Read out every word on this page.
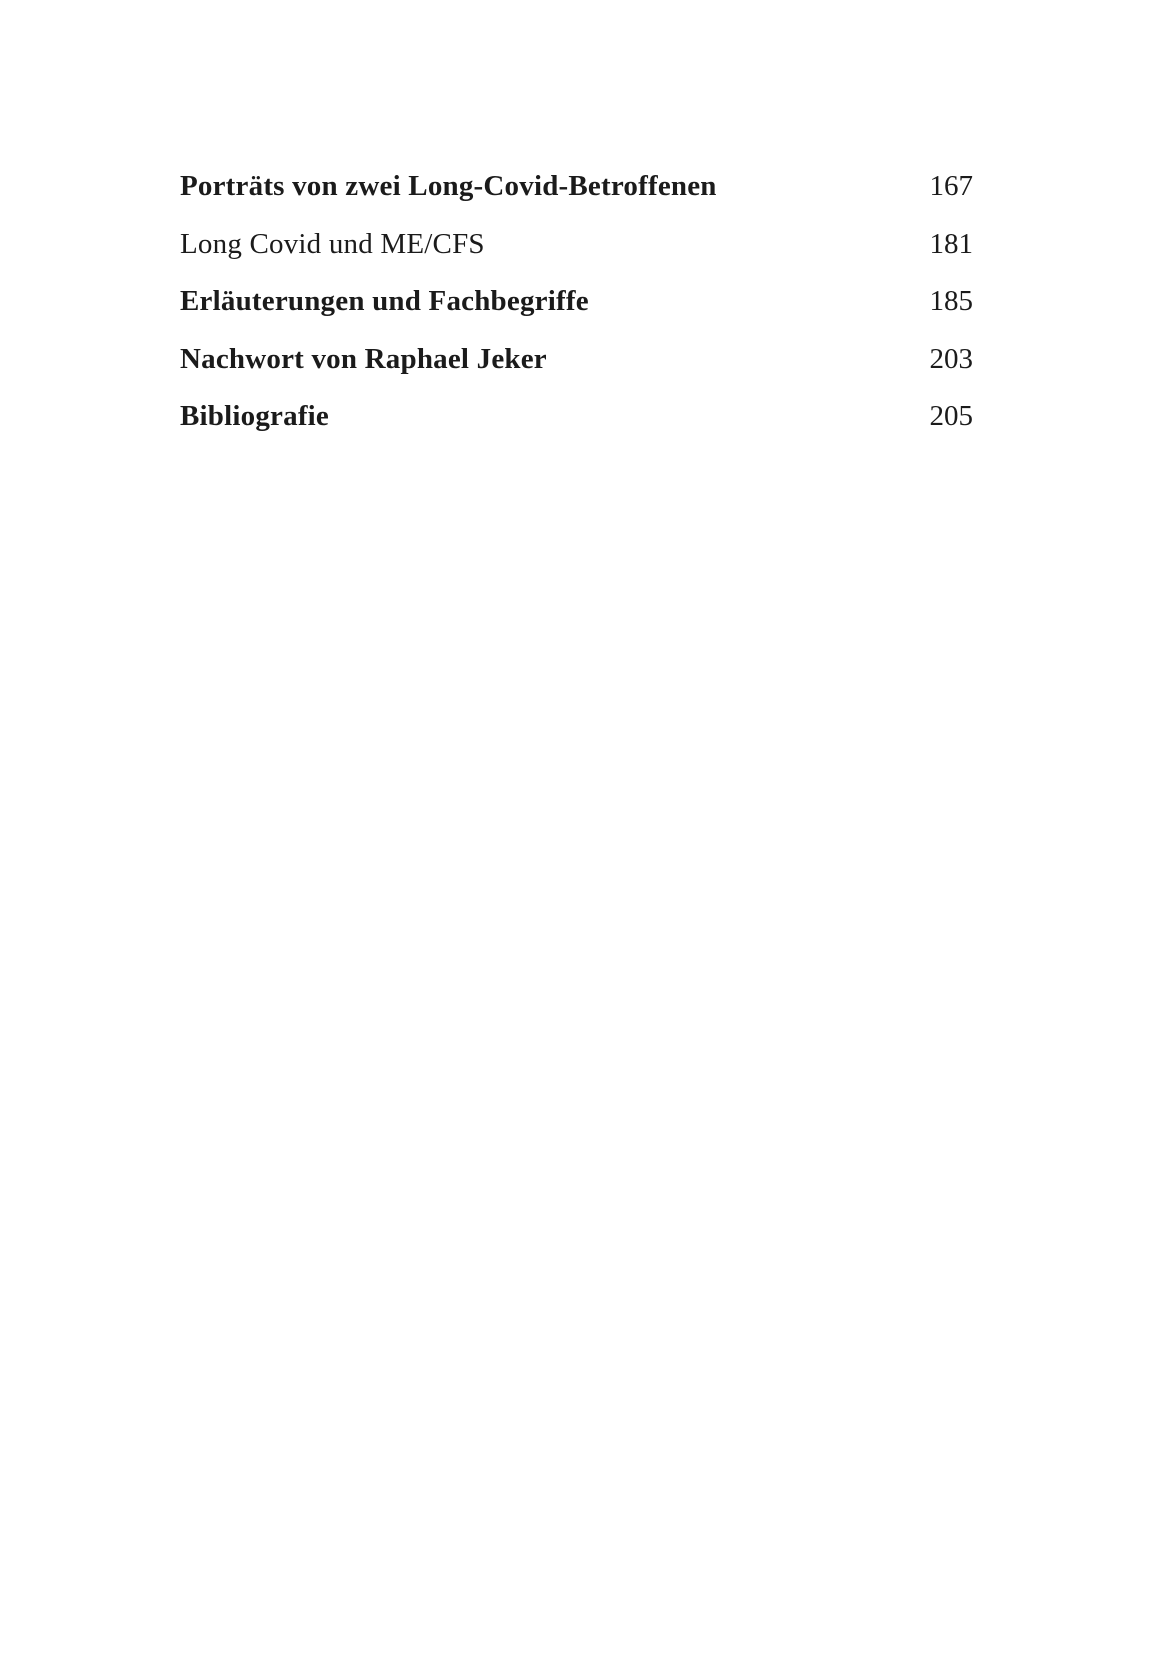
Porträts von zwei Long-Covid-Betroffenen	167
Long Covid und ME/CFS	181
Erläuterungen und Fachbegriffe	185
Nachwort von Raphael Jeker	203
Bibliografie	205
